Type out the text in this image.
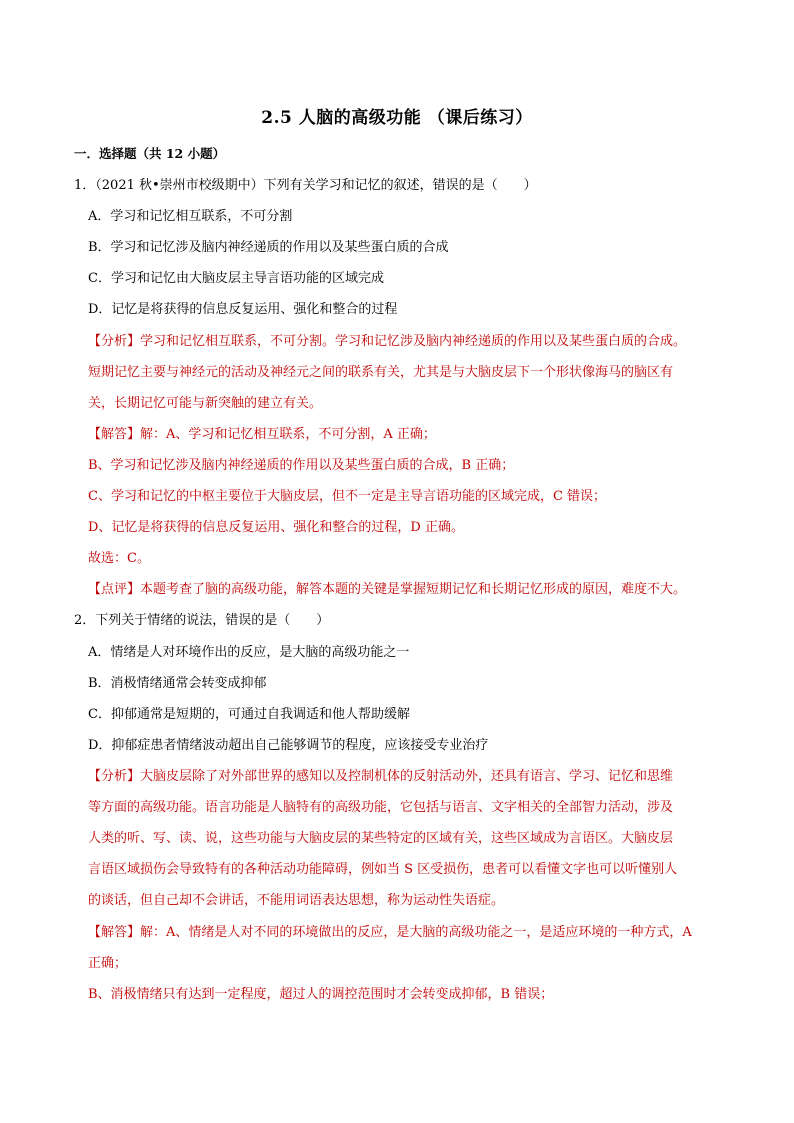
2.5 人脑的高级功能 （课后练习）
一．选择题（共 12 小题）
1．（2021 秋•崇州市校级期中）下列有关学习和记忆的叙述，错误的是（　　）
A．学习和记忆相互联系，不可分割
B．学习和记忆涉及脑内神经递质的作用以及某些蛋白质的合成
C．学习和记忆由大脑皮层主导言语功能的区域完成
D．记忆是将获得的信息反复运用、强化和整合的过程
【分析】学习和记忆相互联系，不可分割。学习和记忆涉及脑内神经递质的作用以及某些蛋白质的合成。
短期记忆主要与神经元的活动及神经元之间的联系有关，尤其是与大脑皮层下一个形状像海马的脑区有
关，长期记忆可能与新突触的建立有关。
【解答】解：A、学习和记忆相互联系，不可分割，A 正确；
B、学习和记忆涉及脑内神经递质的作用以及某些蛋白质的合成，B 正确；
C、学习和记忆的中枢主要位于大脑皮层，但不一定是主导言语功能的区域完成，C 错误；
D、记忆是将获得的信息反复运用、强化和整合的过程，D 正确。
故选：C。
【点评】本题考查了脑的高级功能，解答本题的关键是掌握短期记忆和长期记忆形成的原因，难度不大。
2．下列关于情绪的说法，错误的是（　　）
A．情绪是人对环境作出的反应，是大脑的高级功能之一
B．消极情绪通常会转变成抑郁
C．抑郁通常是短期的，可通过自我调适和他人帮助缓解
D．抑郁症患者情绪波动超出自己能够调节的程度，应该接受专业治疗
【分析】大脑皮层除了对外部世界的感知以及控制机体的反射活动外，还具有语言、学习、记忆和思维
等方面的高级功能。语言功能是人脑特有的高级功能，它包括与语言、文字相关的全部智力活动，涉及
人类的听、写、读、说，这些功能与大脑皮层的某些特定的区域有关，这些区域成为言语区。大脑皮层
言语区域损伤会导致特有的各种活动功能障碍，例如当 S 区受损伤，患者可以看懂文字也可以听懂别人
的谈话，但自己却不会讲话，不能用词语表达思想，称为运动性失语症。
【解答】解：A、情绪是人对不同的环境做出的反应，是大脑的高级功能之一，是适应环境的一种方式，A
正确；
B、消极情绪只有达到一定程度，超过人的调控范围时才会转变成抑郁，B 错误；
